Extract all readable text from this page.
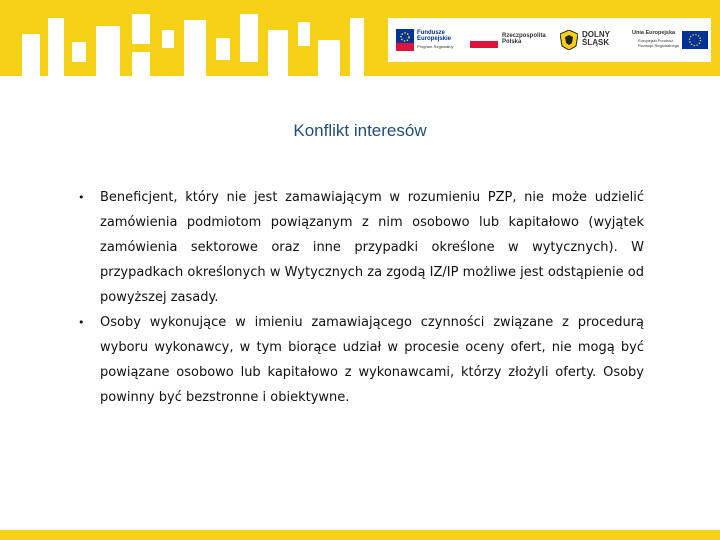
Fundusze
Europejskie
Program Regionalny
Rzeczpospolita
Polska
DOLNY
ŚLĄSK
Unia Europejska
Europejski Fundusz
Rozwoju Regionalnego
Konflikt interesów
•	Beneficjent, który nie jest zamawiającym w rozumieniu PZP, nie może udzielić zamówienia podmiotom powiązanym z nim osobowo lub kapitałowo (wyjątek zamówienia sektorowe oraz inne przypadki określone w wytycznych). W przypadkach określonych w Wytycznych za zgodą IZ/IP możliwe jest odstąpienie od powyższej zasady.
•	Osoby wykonujące w imieniu zamawiającego czynności związane z procedurą wyboru wykonawcy, w tym biorące udział w procesie oceny ofert, nie mogą być powiązane osobowo lub kapitałowo z wykonawcami, którzy złożyli oferty. Osoby powinny być bezstronne i obiektywne.
